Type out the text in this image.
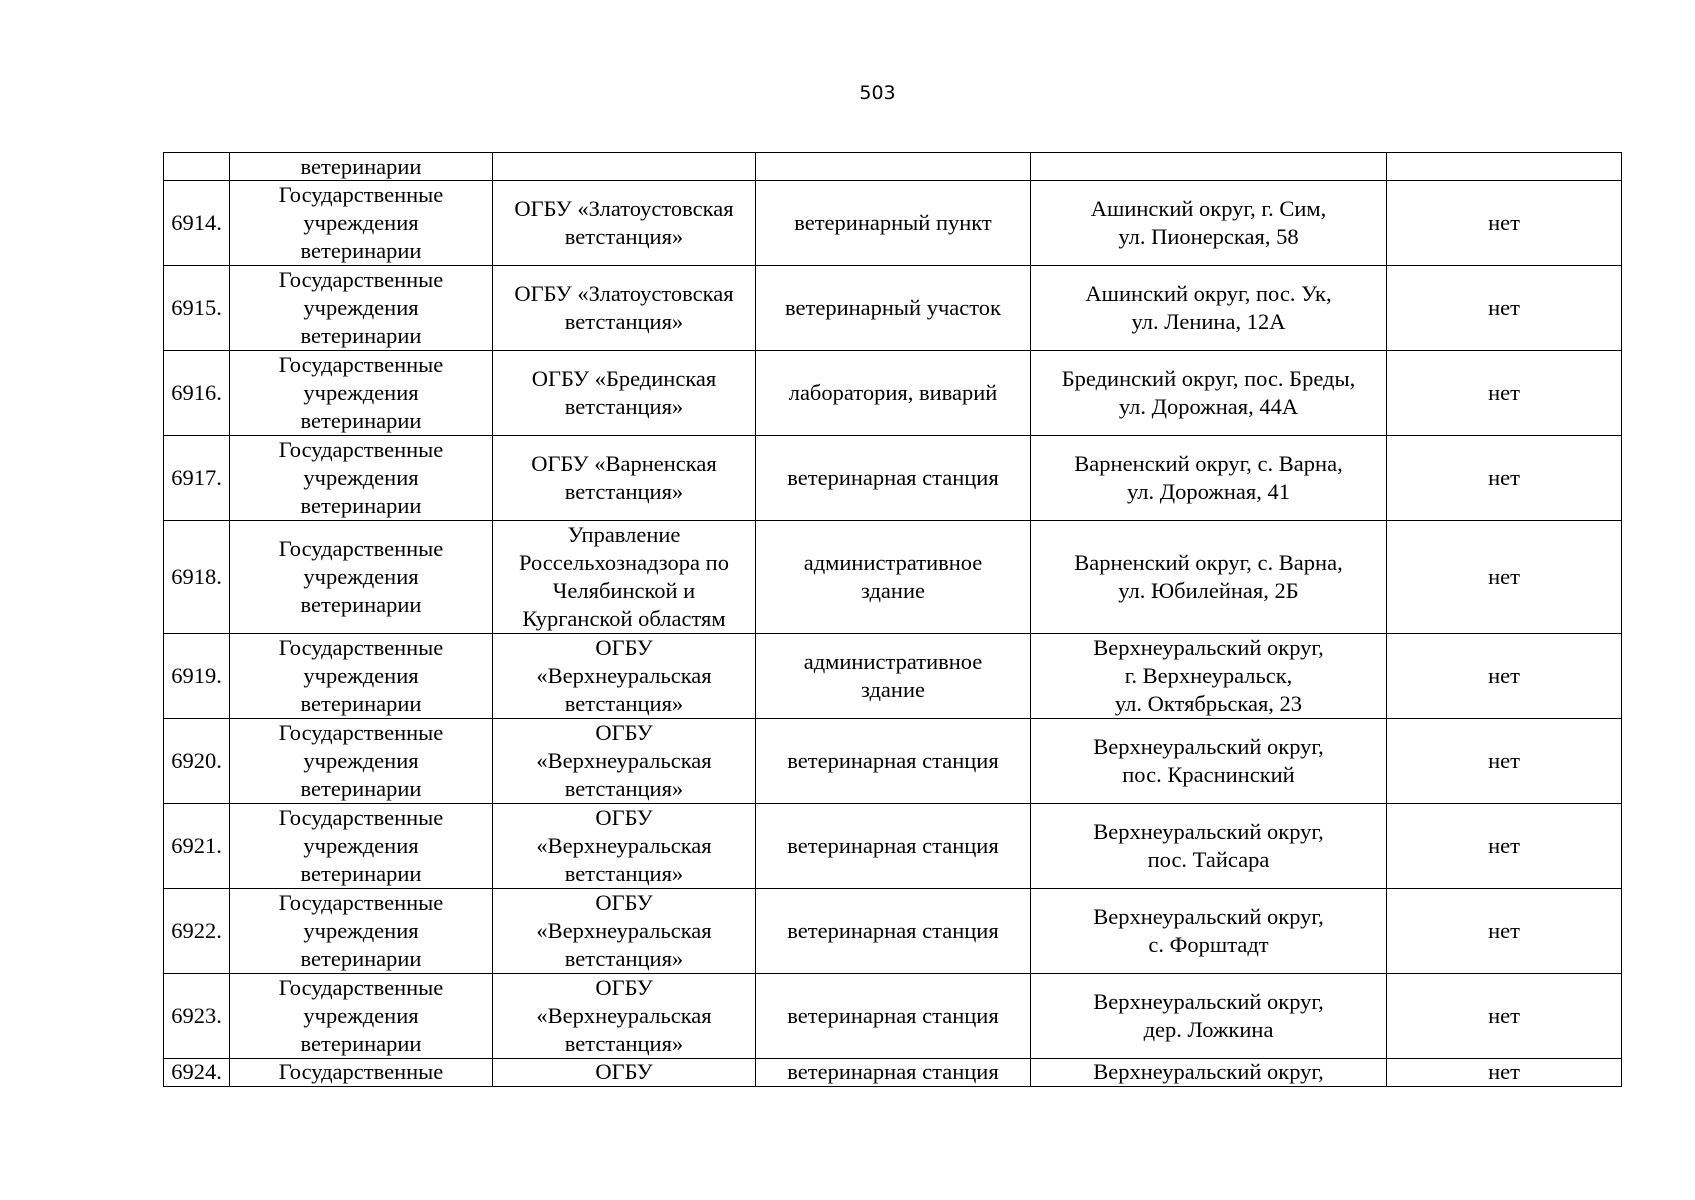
503

	ветеринарии				

6914.	Государственные
учреждения
ветеринарии	ОГБУ «Златоустовская
ветстанция»	ветеринарный пункт	Ашинский округ, г. Сим,
ул. Пионерская, 58	нет
6915.	Государственные
учреждения
ветеринарии	ОГБУ «Златоустовская
ветстанция»	ветеринарный участок	Ашинский округ, пос. Ук,
ул. Ленина, 12А	нет
6916.	Государственные
учреждения
ветеринарии	ОГБУ «Брединская
ветстанция»	лаборатория, виварий	Брединский округ, пос. Бреды,
ул. Дорожная, 44А	нет
6917.	Государственные
учреждения
ветеринарии	ОГБУ «Варненская
ветстанция»	ветеринарная станция	Варненский округ, с. Варна,
ул. Дорожная, 41	нет
6918.	Государственные
учреждения
ветеринарии	Управление
Россельхознадзора по
Челябинской и
Курганской областям	административное
здание	Варненский округ, с. Варна,
ул. Юбилейная, 2Б	нет
6919.	Государственные
учреждения
ветеринарии	ОГБУ
«Верхнеуральская
ветстанция»	административное
здание	Верхнеуральский округ,
г. Верхнеуральск,
ул. Октябрьская, 23	нет
6920.	Государственные
учреждения
ветеринарии	ОГБУ
«Верхнеуральская
ветстанция»	ветеринарная станция	Верхнеуральский округ,
пос. Краснинский	нет
6921.	Государственные
учреждения
ветеринарии	ОГБУ
«Верхнеуральская
ветстанция»	ветеринарная станция	Верхнеуральский округ,
пос. Тайсара	нет
6922.	Государственные
учреждения
ветеринарии	ОГБУ
«Верхнеуральская
ветстанция»	ветеринарная станция	Верхнеуральский округ,
с. Форштадт	нет
6923.	Государственные
учреждения
ветеринарии	ОГБУ
«Верхнеуральская
ветстанция»	ветеринарная станция	Верхнеуральский округ,
дер. Ложкина	нет
6924.	Государственные	ОГБУ	ветеринарная станция	Верхнеуральский округ,	нет
